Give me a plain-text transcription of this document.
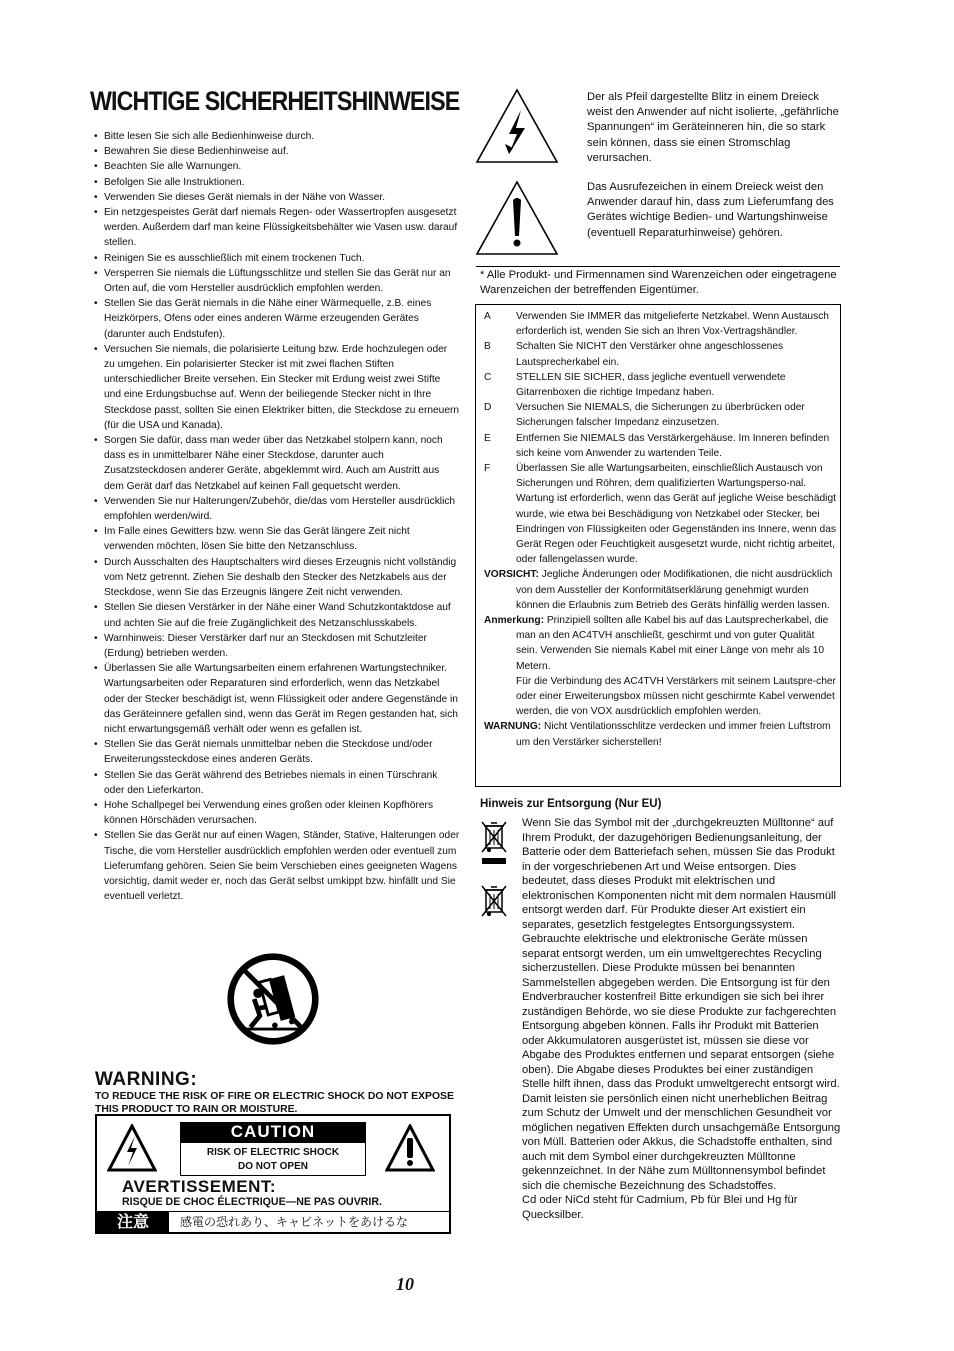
WICHTIGE SICHERHEITSHINWEISE
• Bitte lesen Sie sich alle Bedienhinweise durch.
• Bewahren Sie diese Bedienhinweise auf.
• Beachten Sie alle Warnungen.
• Befolgen Sie alle Instruktionen.
• Verwenden Sie dieses Gerät niemals in der Nähe von Wasser.
• Ein netzgespeistes Gerät darf niemals Regen- oder Wassertropfen ausgesetzt werden. Außerdem darf man keine Flüssigkeitsbehälter wie Vasen usw. darauf stellen.
• Reinigen Sie es ausschließlich mit einem trockenen Tuch.
• Versperren Sie niemals die Lüftungsschlitze und stellen Sie das Gerät nur an Orten auf, die vom Hersteller ausdrücklich empfohlen werden.
• Stellen Sie das Gerät niemals in die Nähe einer Wärmequelle, z.B. eines Heizkörpers, Ofens oder eines anderen Wärme erzeugenden Gerätes (darunter auch Endstufen).
• Versuchen Sie niemals, die polarisierte Leitung bzw. Erde hochzulegen oder zu umgehen. Ein polarisierter Stecker ist mit zwei flachen Stiften unterschiedlicher Breite versehen. Ein Stecker mit Erdung weist zwei Stifte und eine Erdungsbuchse auf. Wenn der beiliegende Stecker nicht in Ihre Steckdose passt, sollten Sie einen Elektriker bitten, die Steckdose zu erneuern (für die USA und Kanada).
• Sorgen Sie dafür, dass man weder über das Netzkabel stolpern kann, noch dass es in unmittelbarer Nähe einer Steckdose, darunter auch Zusatzsteckdosen anderer Geräte, abgeklemmt wird. Auch am Austritt aus dem Gerät darf das Netzkabel auf keinen Fall gequetscht werden.
• Verwenden Sie nur Halterungen/Zubehör, die/das vom Hersteller ausdrücklich empfohlen werden/wird.
• Im Falle eines Gewitters bzw. wenn Sie das Gerät längere Zeit nicht verwenden möchten, lösen Sie bitte den Netzanschluss.
• Durch Ausschalten des Hauptschalters wird dieses Erzeugnis nicht vollständig vom Netz getrennt. Ziehen Sie deshalb den Stecker des Netzkabels aus der Steckdose, wenn Sie das Erzeugnis längere Zeit nicht verwenden.
• Stellen Sie diesen Verstärker in der Nähe einer Wand Schutzkontaktdose auf und achten Sie auf die freie Zugänglichkeit des Netzanschlusskabels.
• Warnhinweis: Dieser Verstärker darf nur an Steckdosen mit Schutzleiter (Erdung) betrieben werden.
• Überlassen Sie alle Wartungsarbeiten einem erfahrenen Wartungstechniker. Wartungsarbeiten oder Reparaturen sind erforderlich, wenn das Netzkabel oder der Stecker beschädigt ist, wenn Flüssigkeit oder andere Gegenstände in das Geräteinnere gefallen sind, wenn das Gerät im Regen gestanden hat, sich nicht erwartungsgemäß verhält oder wenn es gefallen ist.
• Stellen Sie das Gerät niemals unmittelbar neben die Steckdose und/oder Erweiterungssteckdose eines anderen Geräts.
• Stellen Sie das Gerät während des Betriebes niemals in einen Türschrank oder den Lieferkarton.
• Hohe Schallpegel bei Verwendung eines großen oder kleinen Kopfhörers können Hörschäden verursachen.
• Stellen Sie das Gerät nur auf einen Wagen, Ständer, Stative, Halterungen oder Tische, die vom Hersteller ausdrücklich empfohlen werden oder eventuell zum Lieferumfang gehören. Seien Sie beim Verschieben eines geeigneten Wagens vorsichtig, damit weder er, noch das Gerät selbst umkippt bzw. hinfällt und Sie eventuell verletzt.
WARNING:
TO REDUCE THE RISK OF FIRE OR ELECTRIC SHOCK DO NOT EXPOSE THIS PRODUCT TO RAIN OR MOISTURE.
CAUTION
RISK OF ELECTRIC SHOCK
DO NOT OPEN
AVERTISSEMENT:
RISQUE DE CHOC ÉLECTRIQUE—NE PAS OUVRIR.
注意	感電の恐れあり、キャビネットをあけるな
Der als Pfeil dargestellte Blitz in einem Dreieck weist den Anwender auf nicht isolierte, „gefährliche Spannungen“ im Geräteinneren hin, die so stark sein können, dass sie einen Stromschlag verursachen.
Das Ausrufezeichen in einem Dreieck weist den Anwender darauf hin, dass zum Lieferumfang des Gerätes wichtige Bedien- und Wartungshinweise (eventuell Reparaturhinweise) gehören.
* Alle Produkt- und Firmennamen sind Warenzeichen oder eingetragene Warenzeichen der betreffenden Eigentümer.
A	Verwenden Sie IMMER das mitgelieferte Netzkabel. Wenn Austausch erforderlich ist, wenden Sie sich an Ihren Vox-Vertragshändler.
B	Schalten Sie NICHT den Verstärker ohne angeschlossenes Lautsprecherkabel ein.
C	STELLEN SIE SICHER, dass jegliche eventuell verwendete Gitarrenboxen die richtige Impedanz haben.
D	Versuchen Sie NIEMALS, die Sicherungen zu überbrücken oder Sicherungen falscher Impedanz einzusetzen.
E	Entfernen Sie NIEMALS das Verstärkergehäuse. Im Inneren befinden sich keine vom Anwender zu wartenden Teile.
F	Überlassen Sie alle Wartungsarbeiten, einschließlich Austausch von Sicherungen und Röhren, dem qualifizierten Wartungsperso-nal. Wartung ist erforderlich, wenn das Gerät auf jegliche Weise beschädigt wurde, wie etwa bei Beschädigung von Netzkabel oder Stecker, bei Eindringen von Flüssigkeiten oder Gegenständen ins Innere, wenn das Gerät Regen oder Feuchtigkeit ausgesetzt wurde, nicht richtig arbeitet, oder fallengelassen wurde.
VORSICHT: Jegliche Änderungen oder Modifikationen, die nicht ausdrücklich von dem Aussteller der Konformitätserklärung genehmigt wurden können die Erlaubnis zum Betrieb des Geräts hinfällig werden lassen.
Anmerkung: Prinzipiell sollten alle Kabel bis auf das Lautsprecherkabel, die man an den AC4TVH anschließt, geschirmt und von guter Qualität sein. Verwenden Sie niemals Kabel mit einer Länge von mehr als 10 Metern.
Für die Verbindung des AC4TVH Verstärkers mit seinem Lautspre-cher oder einer Erweiterungsbox müssen nicht geschirmte Kabel verwendet werden, die von VOX ausdrücklich empfohlen werden.
WARNUNG: Nicht Ventilationsschlitze verdecken und immer freien Luftstrom um den Verstärker sicherstellen!
Hinweis zur Entsorgung (Nur EU)
Wenn Sie das Symbol mit der „durchgekreuzten Mülltonne“ auf Ihrem Produkt, der dazugehörigen Bedienungsanleitung, der Batterie oder dem Batteriefach sehen, müssen Sie das Produkt in der vorgeschriebenen Art und Weise entsorgen. Dies bedeutet, dass dieses Produkt mit elektrischen und elektronischen Komponenten nicht mit dem normalen Hausmüll entsorgt werden darf. Für Produkte dieser Art existiert ein separates, gesetzlich festgelegtes Entsorgungssystem. Gebrauchte elektrische und elektronische Geräte müssen separat entsorgt werden, um ein umweltgerechtes Recycling sicherzustellen. Diese Produkte müssen bei benannten Sammelstellen abgegeben werden. Die Entsorgung ist für den Endverbraucher kostenfrei! Bitte erkundigen sie sich bei ihrer zuständigen Behörde, wo sie diese Produkte zur fachgerechten Entsorgung abgeben können. Falls ihr Produkt mit Batterien oder Akkumulatoren ausgerüstet ist, müssen sie diese vor Abgabe des Produktes entfernen und separat entsorgen (siehe oben). Die Abgabe dieses Produktes bei einer zuständigen Stelle hilft ihnen, dass das Produkt umweltgerecht entsorgt wird. Damit leisten sie persönlich einen nicht unerheblichen Beitrag zum Schutz der Umwelt und der menschlichen Gesundheit vor möglichen negativen Effekten durch unsachgemäße Entsorgung von Müll. Batterien oder Akkus, die Schadstoffe enthalten, sind auch mit dem Symbol einer durchgekreuzten Mülltonne gekennzeichnet. In der Nähe zum Mülltonnensymbol befindet sich die chemische Bezeichnung des Schadstoffes.
Cd oder NiCd steht für Cadmium, Pb für Blei und Hg für Quecksilber.
10
